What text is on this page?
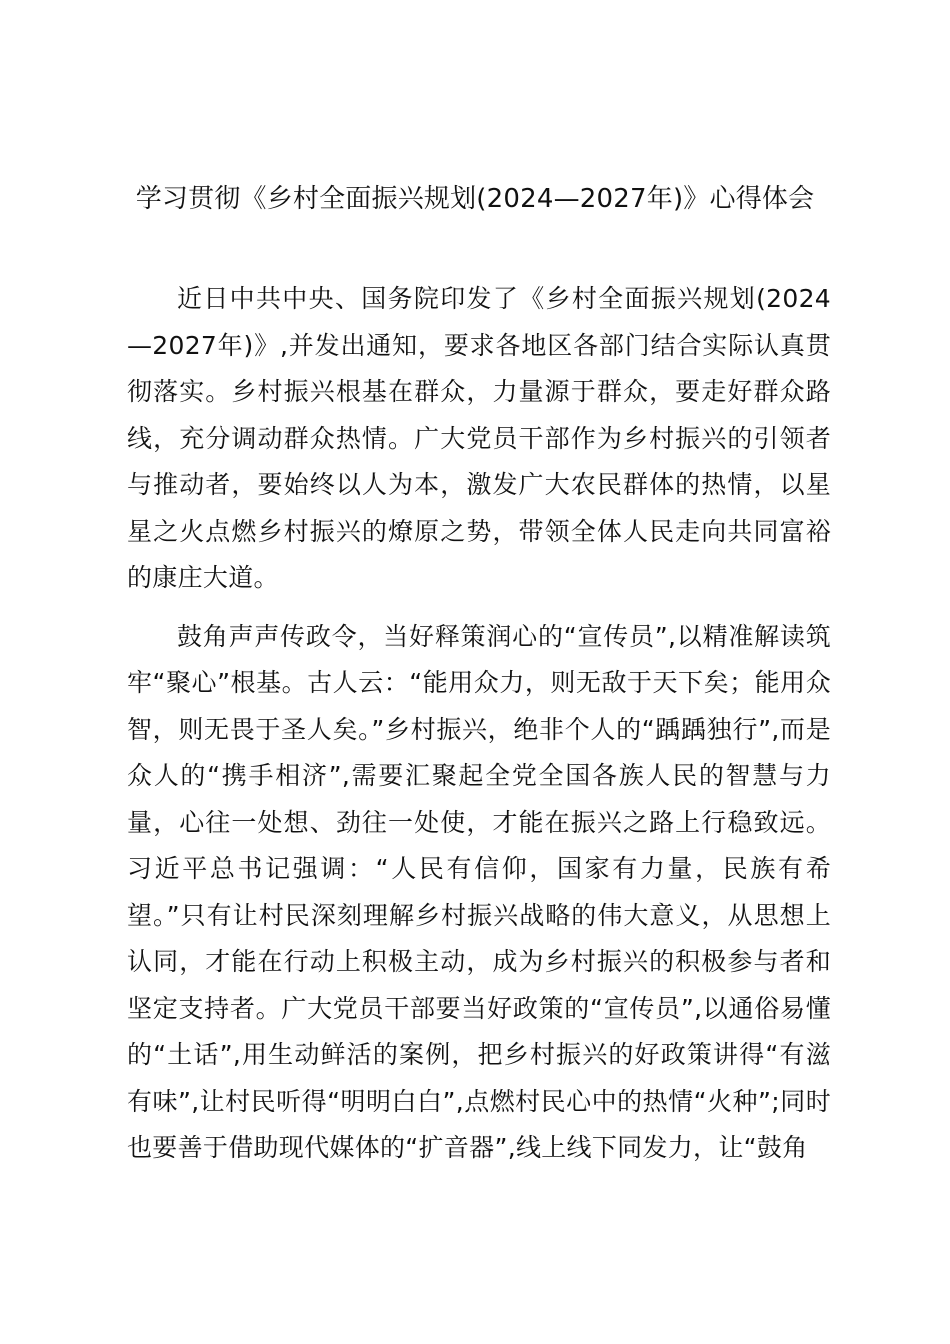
学习贯彻《乡村全面振兴规划(2024—2027年)》心得体会

近日中共中央、国务院印发了《乡村全面振兴规划(2024—2027年)》,并发出通知，要求各地区各部门结合实际认真贯彻落实。乡村振兴根基在群众，力量源于群众，要走好群众路线，充分调动群众热情。广大党员干部作为乡村振兴的引领者与推动者，要始终以人为本，激发广大农民群体的热情，以星星之火点燃乡村振兴的燎原之势，带领全体人民走向共同富裕的康庄大道。

鼓角声声传政令，当好释策润心的“宣传员”,以精准解读筑牢“聚心”根基。古人云：“能用众力，则无敌于天下矣；能用众智，则无畏于圣人矣。”乡村振兴，绝非个人的“踽踽独行”,而是众人的“携手相济”,需要汇聚起全党全国各族人民的智慧与力量，心往一处想、劲往一处使，才能在振兴之路上行稳致远。习近平总书记强调：“人民有信仰，国家有力量，民族有希望。”只有让村民深刻理解乡村振兴战略的伟大意义，从思想上认同，才能在行动上积极主动，成为乡村振兴的积极参与者和坚定支持者。广大党员干部要当好政策的“宣传员”,以通俗易懂的“土话”,用生动鲜活的案例，把乡村振兴的好政策讲得“有滋有味”,让村民听得“明明白白”,点燃村民心中的热情“火种”;同时也要善于借助现代媒体的“扩音器”,线上线下同发力，让“鼓角
